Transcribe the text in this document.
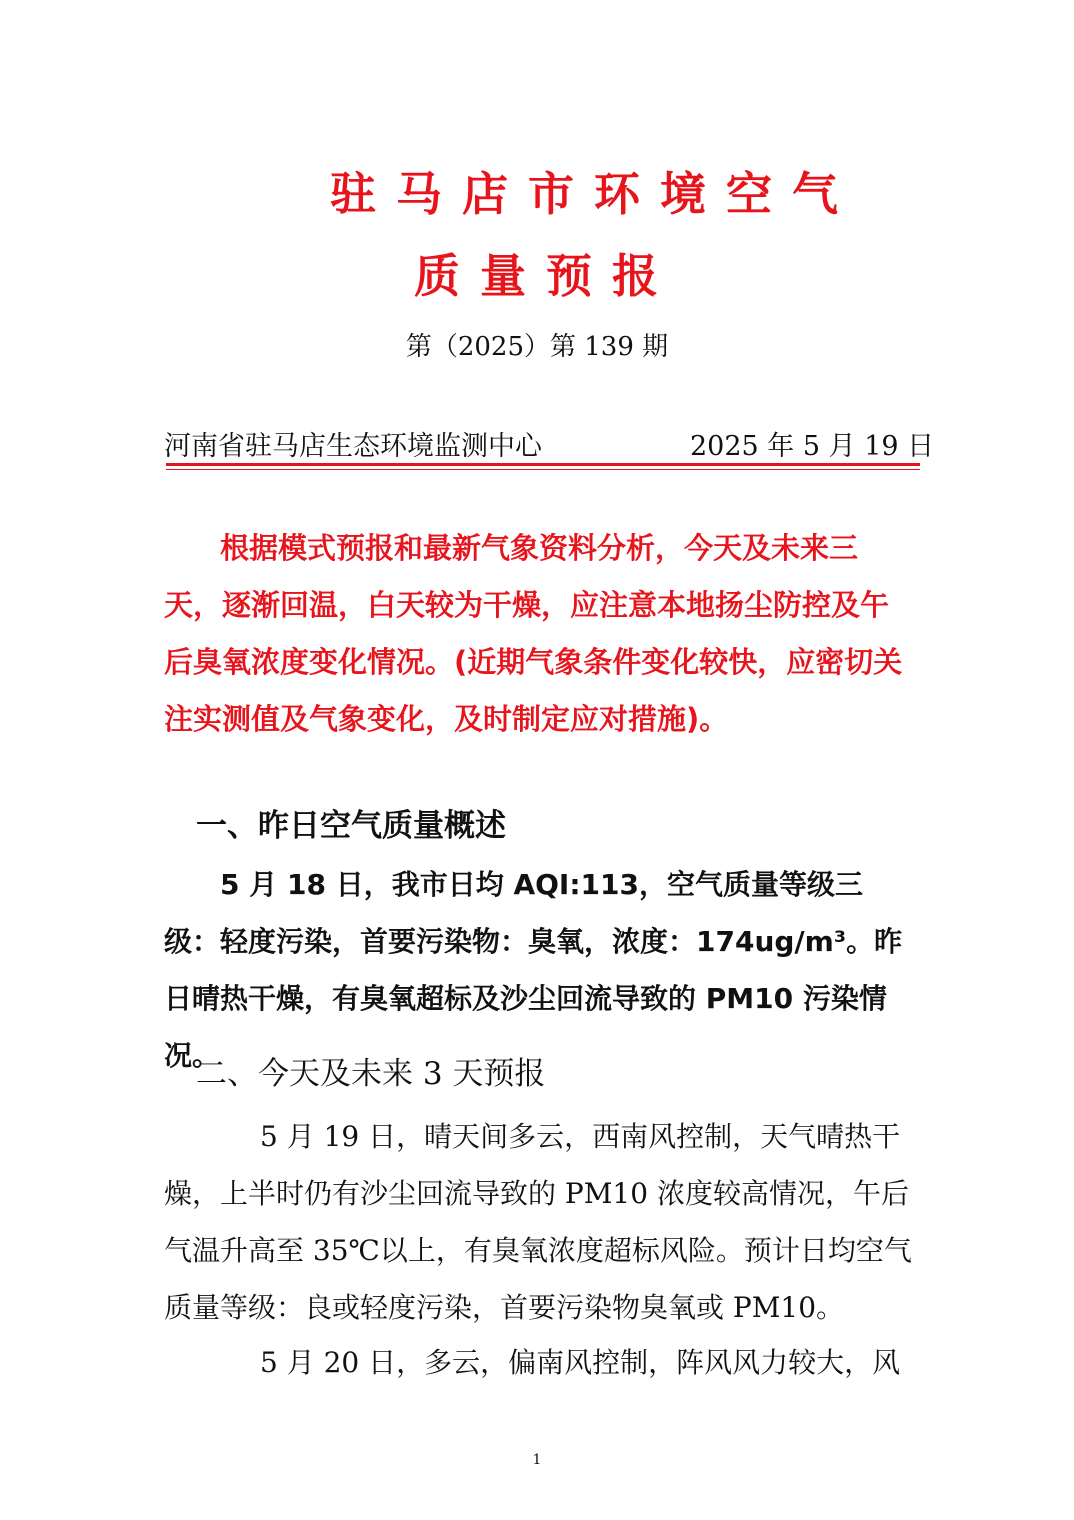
驻马店市环境空气
质量预报
第（2025）第 139 期
河南省驻马店生态环境监测中心	2025 年 5 月 19 日
根据模式预报和最新气象资料分析，今天及未来三天，逐渐回温，白天较为干燥，应注意本地扬尘防控及午后臭氧浓度变化情况。(近期气象条件变化较快，应密切关注实测值及气象变化，及时制定应对措施)。
一、昨日空气质量概述
5 月 18 日，我市日均 AQI:113，空气质量等级三级：轻度污染，首要污染物：臭氧，浓度：174ug/m³。昨日晴热干燥，有臭氧超标及沙尘回流导致的 PM10 污染情况。
二、今天及未来 3 天预报
5 月 19 日，晴天间多云，西南风控制，天气晴热干燥，上半时仍有沙尘回流导致的 PM10 浓度较高情况，午后气温升高至 35℃以上，有臭氧浓度超标风险。预计日均空气质量等级：良或轻度污染，首要污染物臭氧或 PM10。
5 月 20 日，多云，偏南风控制，阵风风力较大，风
1
